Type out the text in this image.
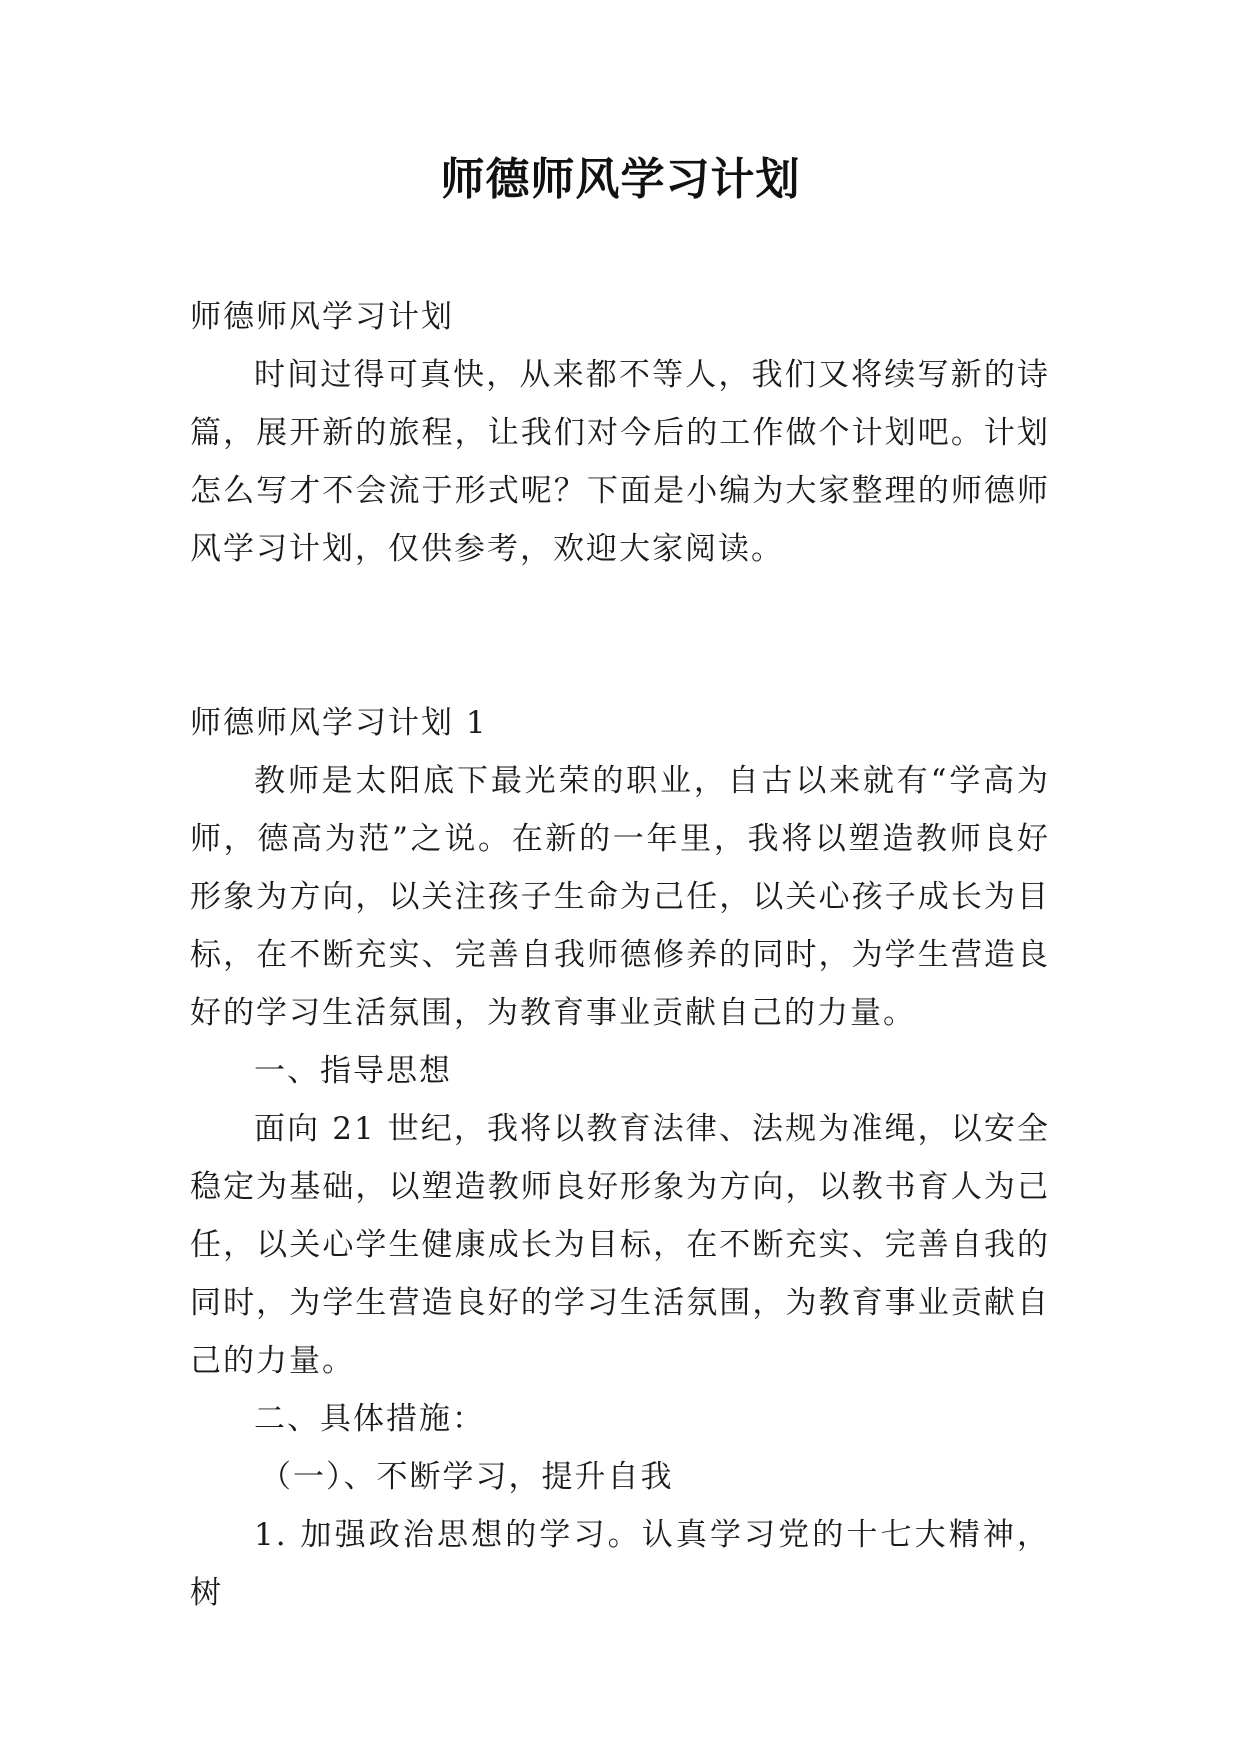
师德师风学习计划

师德师风学习计划

时间过得可真快，从来都不等人，我们又将续写新的诗篇，展开新的旅程，让我们对今后的工作做个计划吧。计划怎么写才不会流于形式呢？下面是小编为大家整理的师德师风学习计划，仅供参考，欢迎大家阅读。

师德师风学习计划 1

教师是太阳底下最光荣的职业，自古以来就有“学高为师，德高为范”之说。在新的一年里，我将以塑造教师良好形象为方向，以关注孩子生命为己任，以关心孩子成长为目标，在不断充实、完善自我师德修养的同时，为学生营造良好的学习生活氛围，为教育事业贡献自己的力量。

一、指导思想

面向 21 世纪，我将以教育法律、法规为准绳，以安全稳定为基础，以塑造教师良好形象为方向，以教书育人为己任，以关心学生健康成长为目标，在不断充实、完善自我的同时，为学生营造良好的学习生活氛围，为教育事业贡献自己的力量。

二、具体措施：

（一）、不断学习，提升自我

1. 加强政治思想的学习。认真学习党的十七大精神，树
